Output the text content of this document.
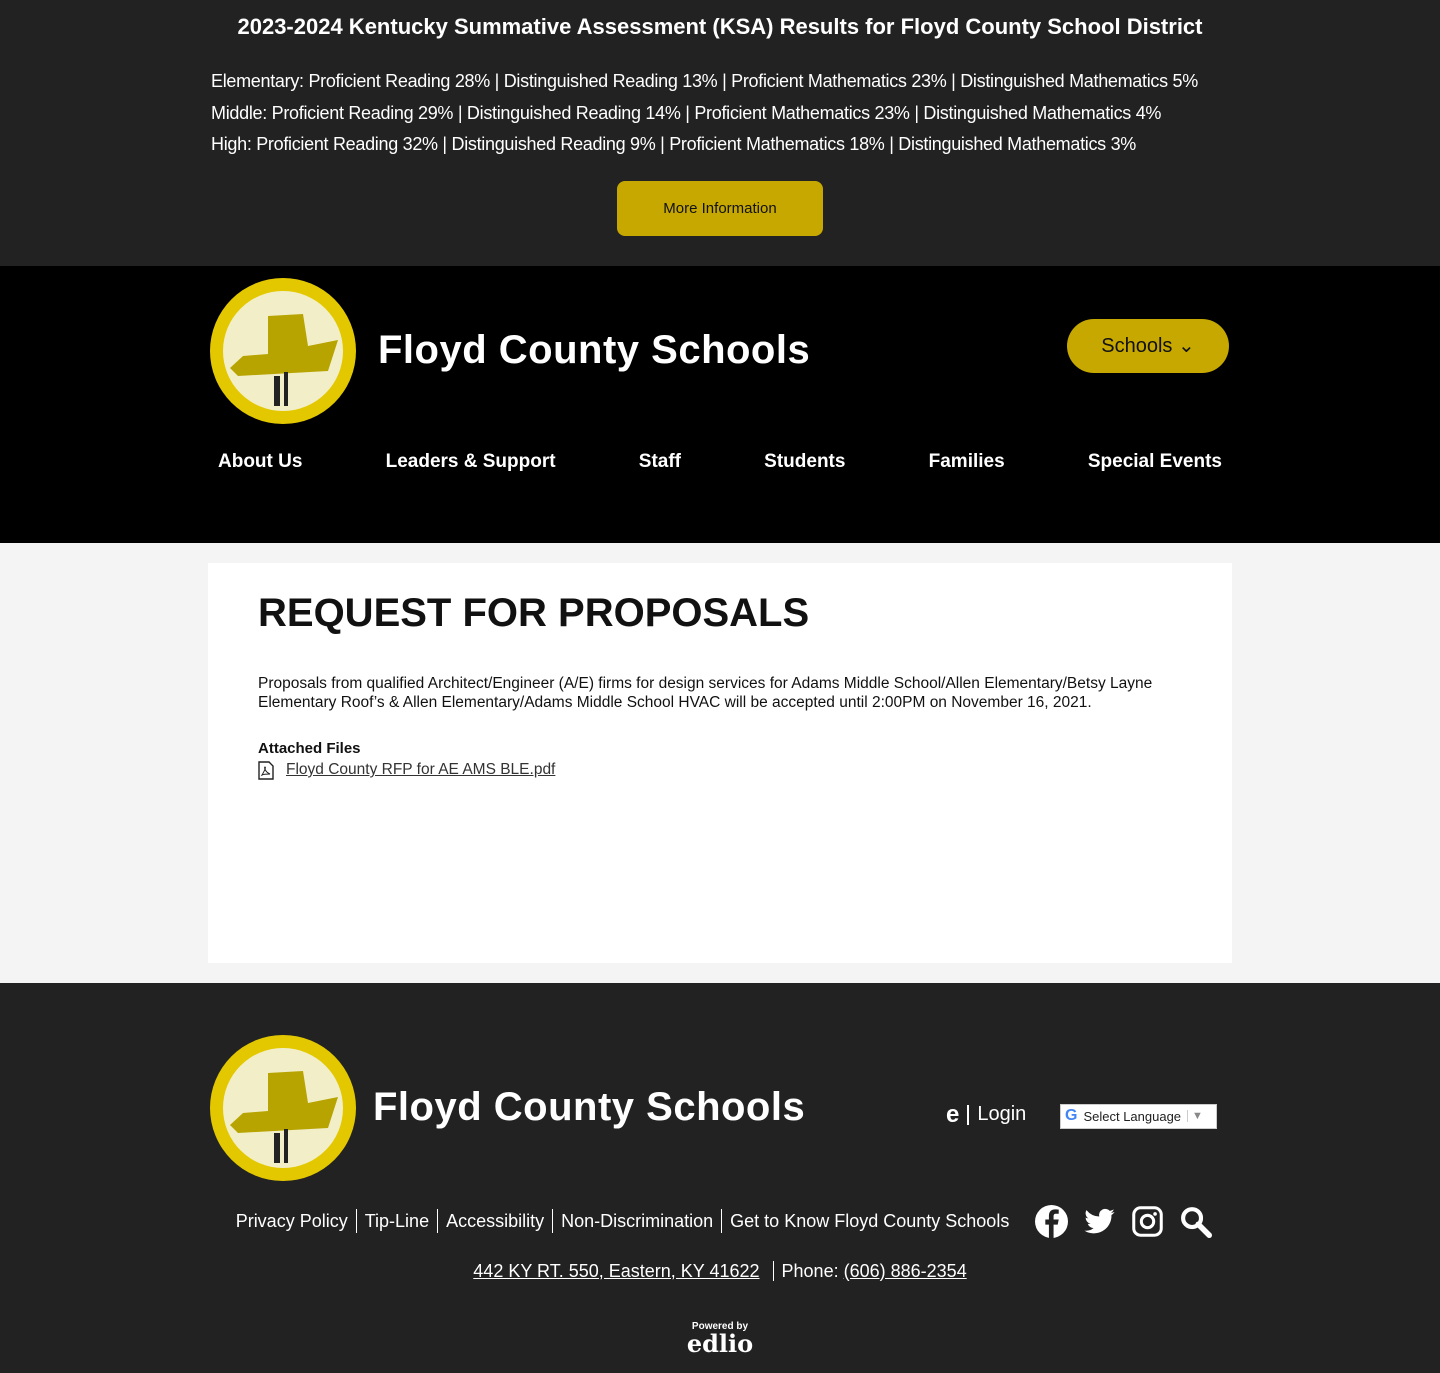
2023-2024 Kentucky Summative Assessment (KSA) Results for Floyd County School District
Elementary: Proficient Reading 28% | Distinguished Reading 13% | Proficient Mathematics 23% | Distinguished Mathematics 5%
Middle: Proficient Reading 29% | Distinguished Reading 14% | Proficient Mathematics 23% | Distinguished Mathematics 4%
High: Proficient Reading 32% | Distinguished Reading 9% | Proficient Mathematics 18% | Distinguished Mathematics 3%
More Information
Floyd County Schools	Schools ⌄
About Us	Leaders & Support	Staff	Students	Families	Special Events
REQUEST FOR PROPOSALS

Proposals from qualified Architect/Engineer (A/E) firms for design services for Adams Middle School/Allen Elementary/Betsy Layne Elementary Roof’s & Allen Elementary/Adams Middle School HVAC will be accepted until 2:00PM on November 16, 2021.

Attached Files
Floyd County RFP for AE AMS BLE.pdf
Floyd County Schools	e Login G Select Language	▼
Privacy Policy Tip-Line Accessibility Non-Discrimination Get to Know Floyd County Schools
442 KY RT. 550, Eastern, KY 41622 Phone: (606) 886-2354
Powered by
edlio
